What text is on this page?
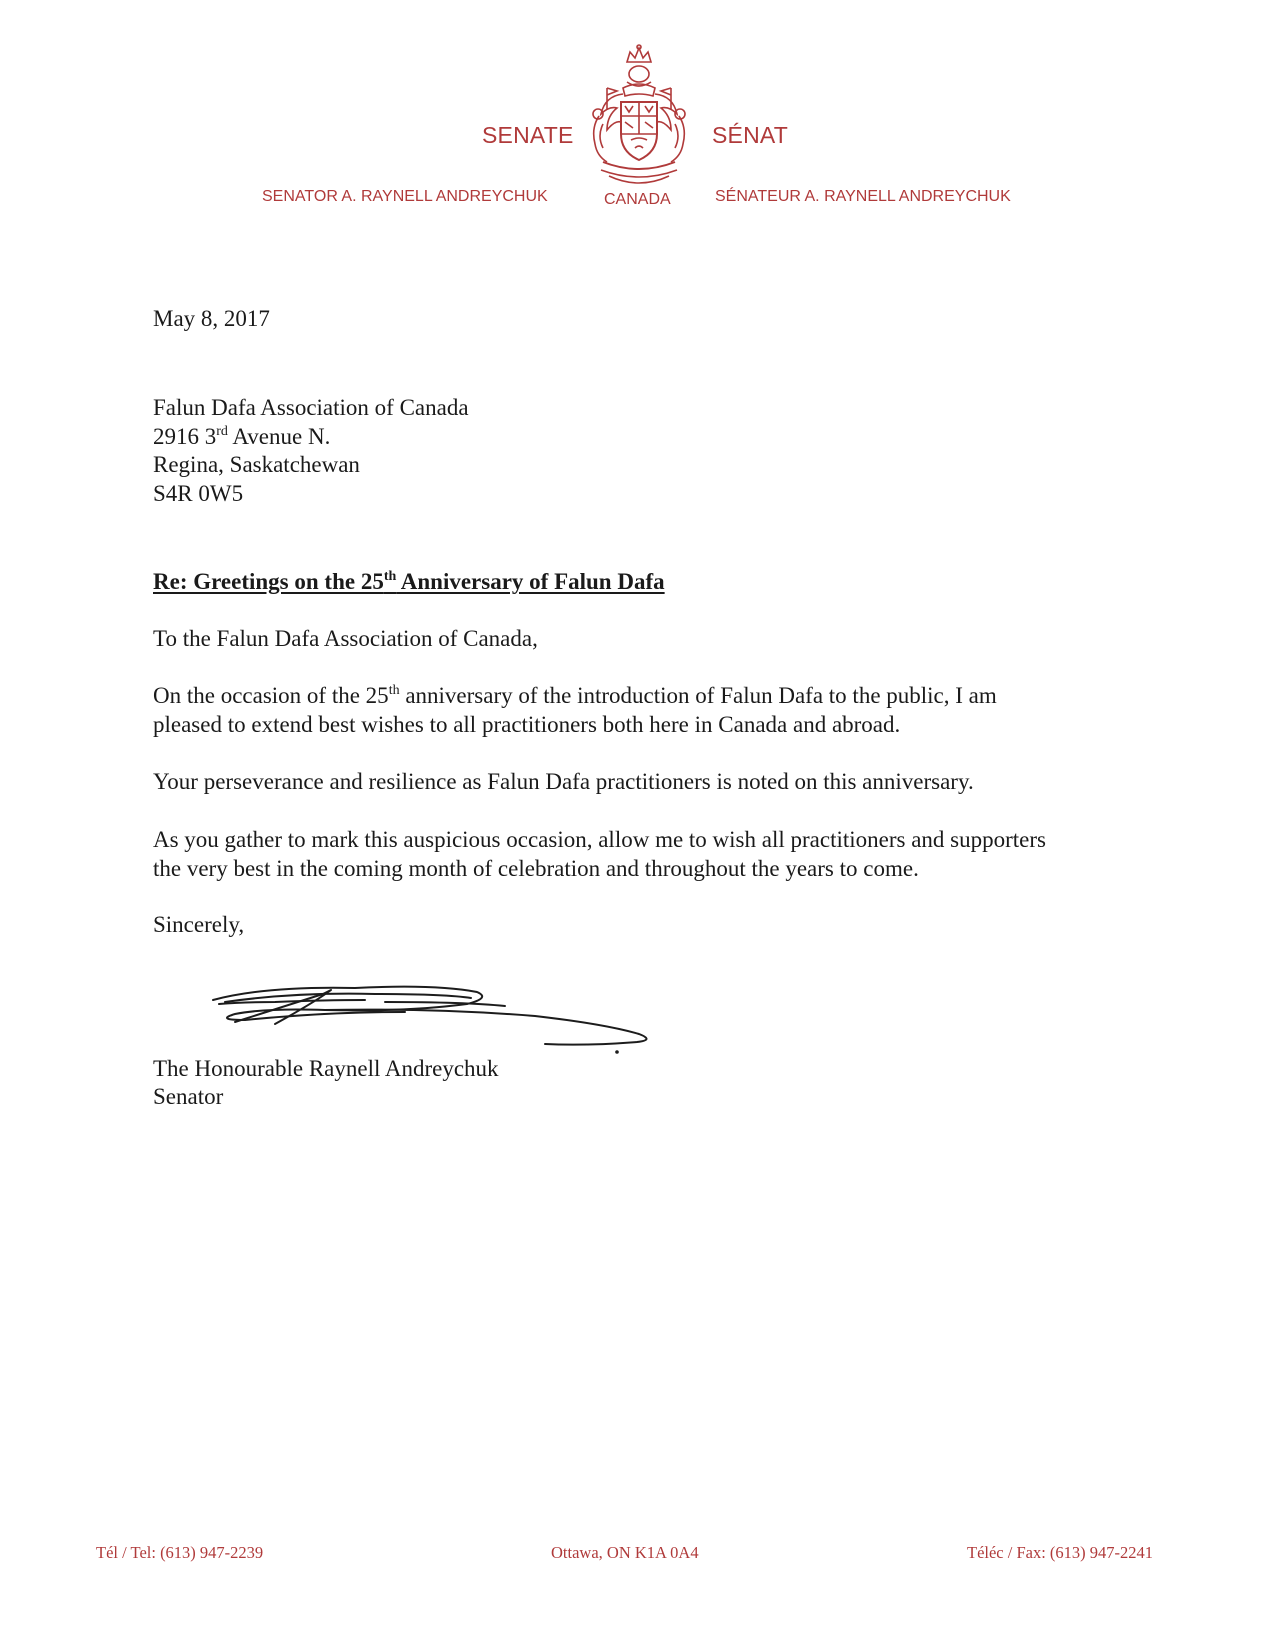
SENATE	SÉNAT
SENATOR A. RAYNELL ANDREYCHUK	CANADA	SÉNATEUR A. RAYNELL ANDREYCHUK
May 8, 2017
Falun Dafa Association of Canada
2916 3rd Avenue N.
Regina, Saskatchewan
S4R 0W5
Re: Greetings on the 25th Anniversary of Falun Dafa
To the Falun Dafa Association of Canada,
On the occasion of the 25th anniversary of the introduction of Falun Dafa to the public, I am
pleased to extend best wishes to all practitioners both here in Canada and abroad.
Your perseverance and resilience as Falun Dafa practitioners is noted on this anniversary.
As you gather to mark this auspicious occasion, allow me to wish all practitioners and supporters
the very best in the coming month of celebration and throughout the years to come.
Sincerely,
The Honourable Raynell Andreychuk
Senator
Tél / Tel: (613) 947-2239	Ottawa, ON K1A 0A4	Téléc / Fax: (613) 947-2241
